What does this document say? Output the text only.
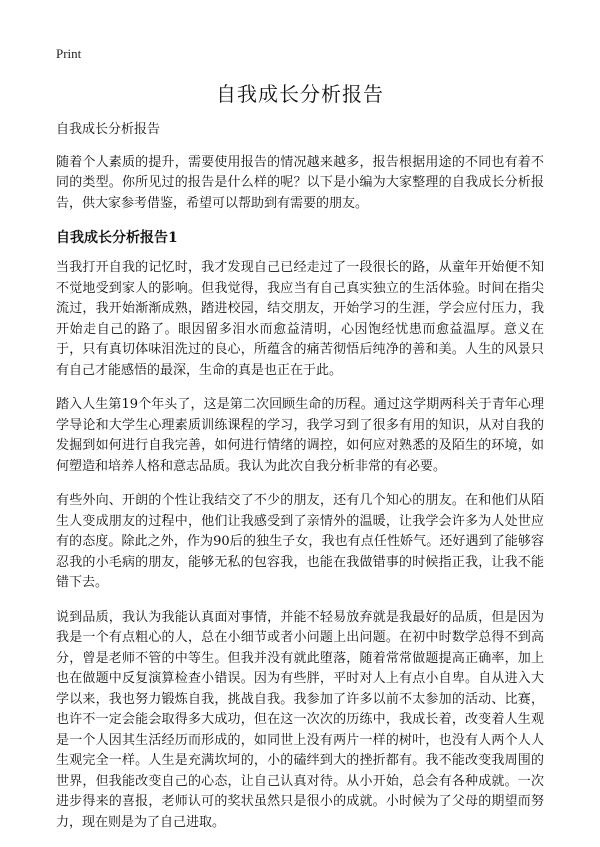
Print
自我成长分析报告

自我成长分析报告

随着个人素质的提升，需要使用报告的情况越来越多，报告根据用途的不同也有着不同的类型。你所见过的报告是什么样的呢？以下是小编为大家整理的自我成长分析报告，供大家参考借鉴，希望可以帮助到有需要的朋友。

自我成长分析报告1

当我打开自我的记忆时，我才发现自己已经走过了一段很长的路，从童年开始便不知不觉地受到家人的影响。但我觉得，我应当有自己真实独立的生活体验。时间在指尖流过，我开始渐渐成熟，踏进校园，结交朋友，开始学习的生涯，学会应付压力，我开始走自己的路了。眼因留多泪水而愈益清明，心因饱经忧患而愈益温厚。意义在于，只有真切体味泪洗过的良心，所蕴含的痛苦彻悟后纯净的善和美。人生的风景只有自己才能感悟的最深，生命的真是也正在于此。

踏入人生第19个年头了，这是第二次回顾生命的历程。通过这学期两科关于青年心理学导论和大学生心理素质训练课程的学习，我学习到了很多有用的知识，从对自我的发掘到如何进行自我完善，如何进行情绪的调控，如何应对熟悉的及陌生的环境，如何塑造和培养人格和意志品质。我认为此次自我分析非常的有必要。

有些外向、开朗的个性让我结交了不少的朋友，还有几个知心的朋友。在和他们从陌生人变成朋友的过程中，他们让我感受到了亲情外的温暖，让我学会许多为人处世应有的态度。除此之外，作为90后的独生子女，我也有点任性娇气。还好遇到了能够容忍我的小毛病的朋友，能够无私的包容我，也能在我做错事的时候指正我，让我不能错下去。

说到品质，我认为我能认真面对事情，并能不轻易放弃就是我最好的品质，但是因为我是一个有点粗心的人，总在小细节或者小问题上出问题。在初中时数学总得不到高分，曾是老师不管的中等生。但我并没有就此堕落，随着常常做题提高正确率，加上也在做题中反复演算检查小错误。因为有些胖，平时对人上有点小自卑。自从进入大学以来，我也努力锻炼自我，挑战自我。我参加了许多以前不太参加的活动、比赛，也许不一定会能会取得多大成功，但在这一次次的历练中，我成长着，改变着人生观是一个人因其生活经历而形成的，如同世上没有两片一样的树叶，也没有人两个人人生观完全一样。人生是充满坎坷的，小的磕绊到大的挫折都有。我不能改变我周围的世界，但我能改变自己的心态，让自己认真对待。从小开始，总会有各种成就。一次进步得来的喜报，老师认可的奖状虽然只是很小的成就。小时候为了父母的期望而努力，现在则是为了自己进取。
